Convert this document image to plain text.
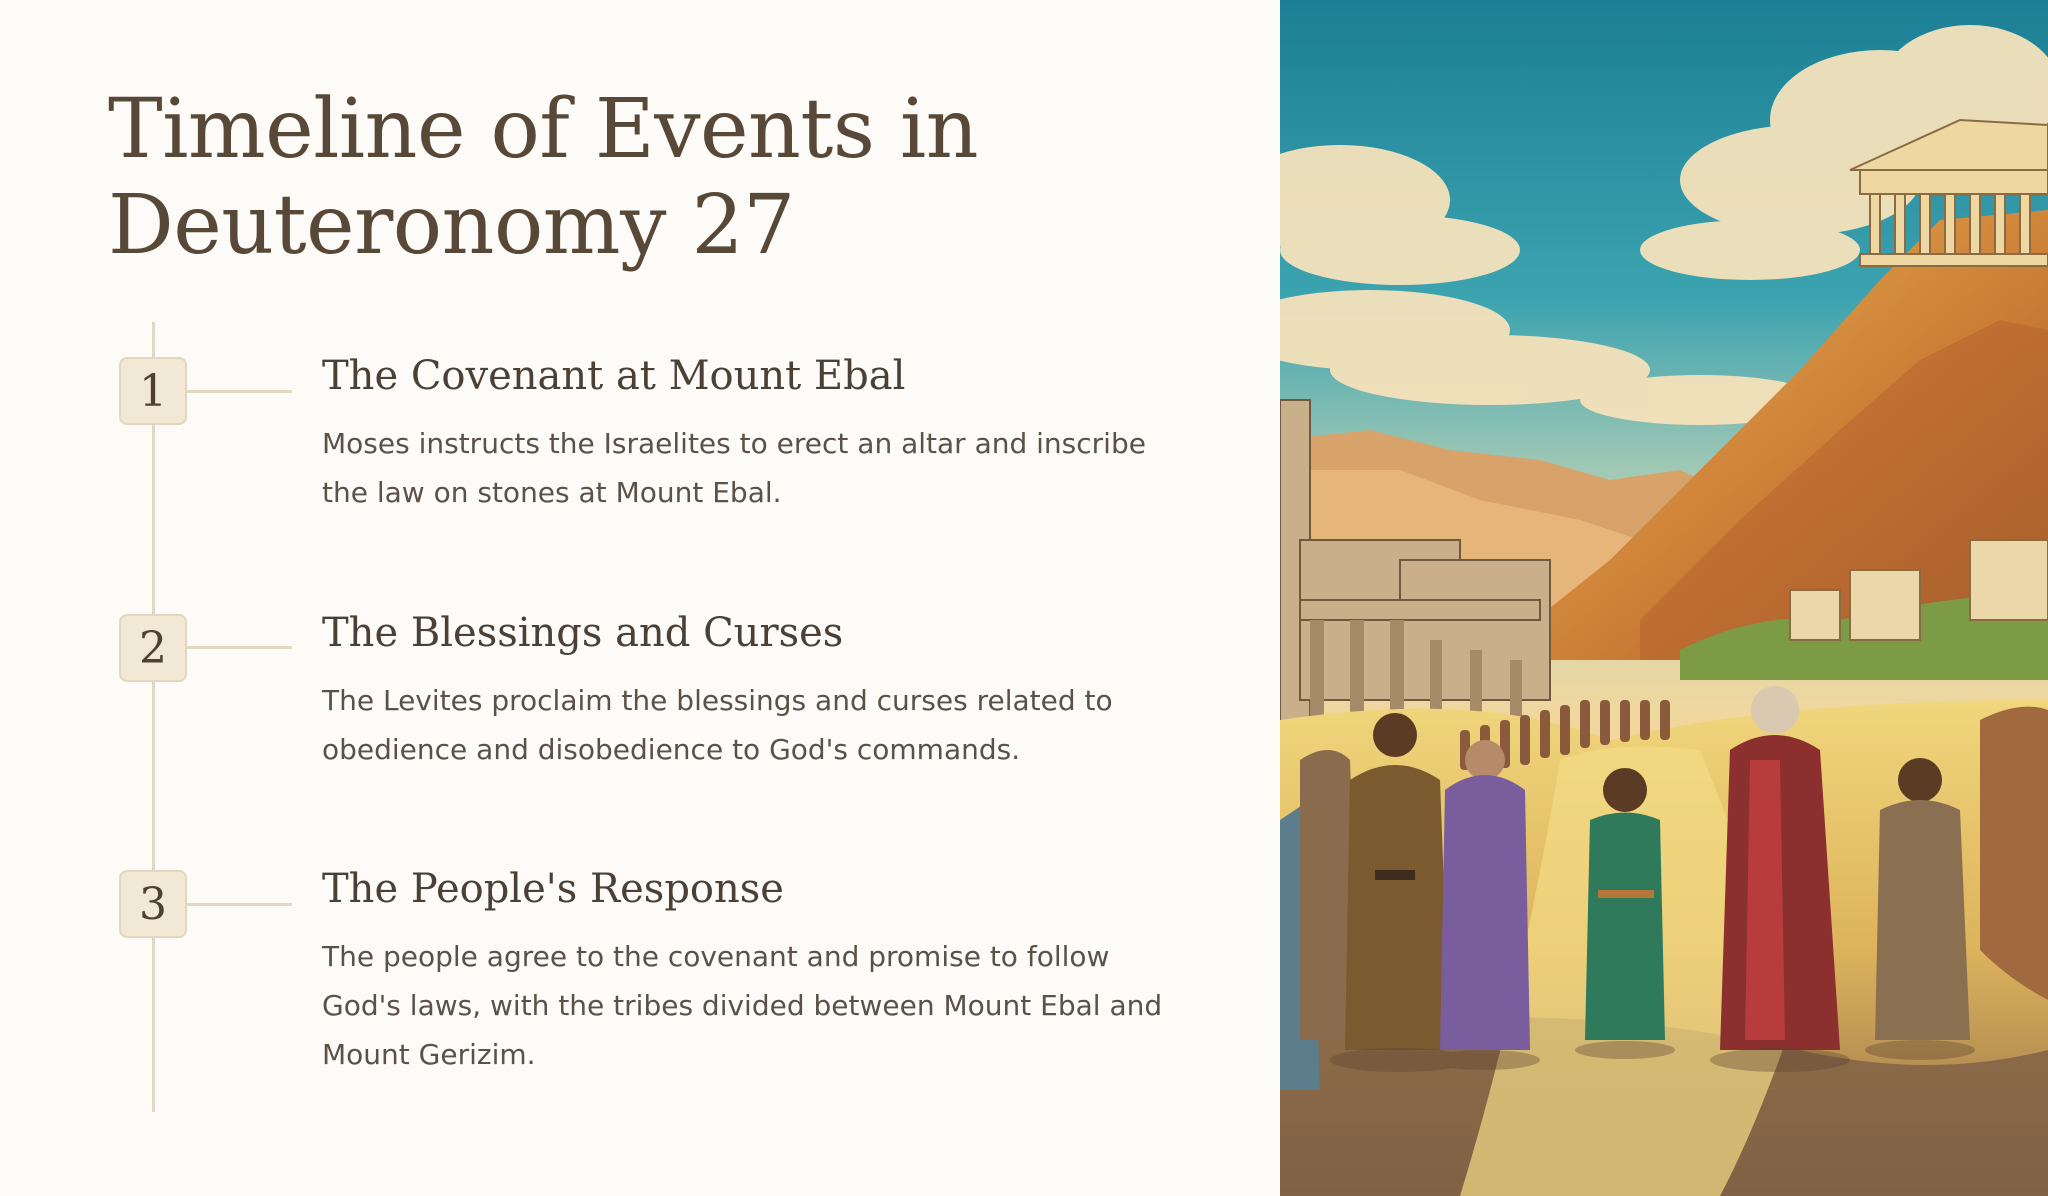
Timeline of Events in Deuteronomy 27
1	The Covenant at Mount Ebal

Moses instructs the Israelites to erect an altar and inscribe the law on stones at Mount Ebal.

2	The Blessings and Curses

The Levites proclaim the blessings and curses related to obedience and disobedience to God's commands.

3	The People's Response

The people agree to the covenant and promise to follow God's laws, with the tribes divided between Mount Ebal and Mount Gerizim.
